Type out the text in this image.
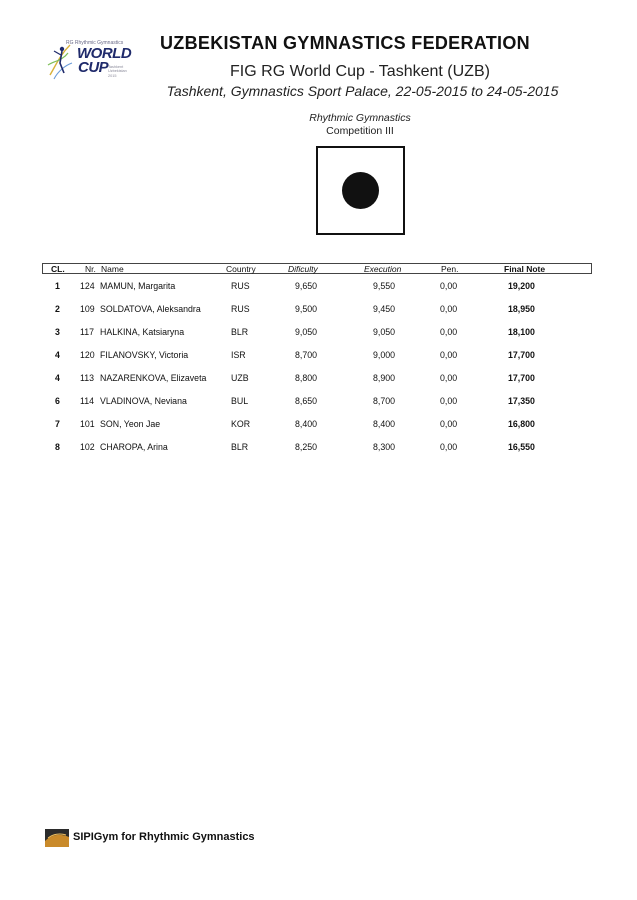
RG Rhythmic Gymnastics
WORLD
CUP Tashkent
Uzbekistan
2015
UZBEKISTAN GYMNASTICS FEDERATION
FIG RG World Cup - Tashkent (UZB)
Tashkent, Gymnastics Sport Palace, 22-05-2015 to 24-05-2015
Rhythmic Gymnastics
Competition III
CL. Nr. Name	Country	Dificulty	Execution	Pen.	Final Note
1 124 MAMUN, Margarita	RUS	9,650	9,550	0,00	19,200
2 109 SOLDATOVA, Aleksandra	RUS	9,500	9,450	0,00	18,950
3 117 HALKINA, Katsiaryna	BLR	9,050	9,050	0,00	18,100
4 120 FILANOVSKY, Victoria	ISR	8,700	9,000	0,00	17,700
4 113 NAZARENKOVA, Elizaveta	UZB	8,800	8,900	0,00	17,700
6 114 VLADINOVA, Neviana	BUL	8,650	8,700	0,00	17,350
7 101 SON, Yeon Jae	KOR	8,400	8,400	0,00	16,800
8 102 CHAROPA, Arina	BLR	8,250	8,300	0,00	16,550
SIPIGym for Rhythmic Gymnastics
